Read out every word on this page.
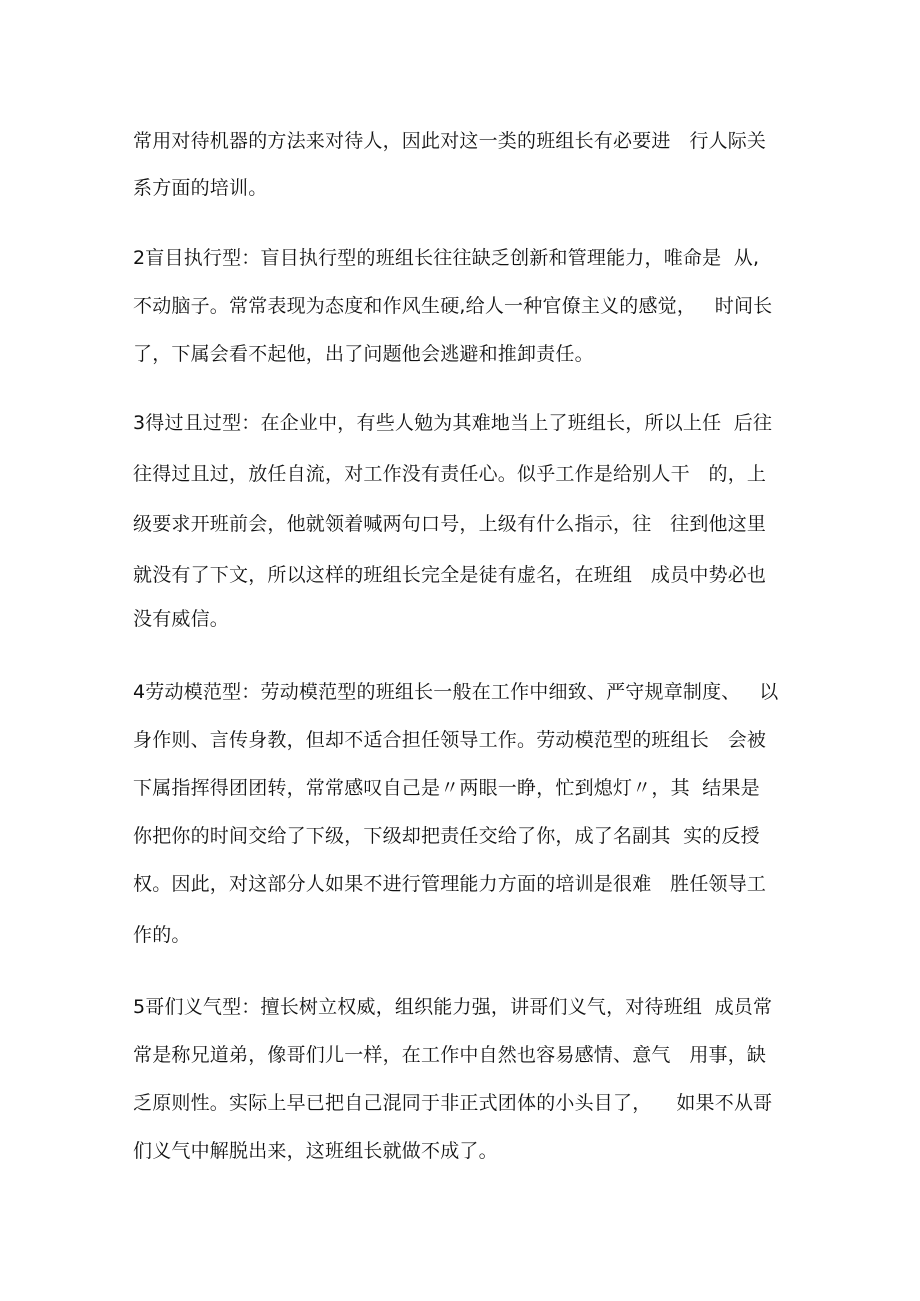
常用对待机器的方法来对待人，因此对这一类的班组长有必要进   行人际关
系方面的培训。
2盲目执行型：盲目执行型的班组长往往缺乏创新和管理能力，唯命是  从,
不动脑子。常常表现为态度和作风生硬,给人一种官僚主义的感觉，   时间长
了，下属会看不起他，出了问题他会逃避和推卸责任。
3得过且过型：在企业中，有些人勉为其难地当上了班组长，所以上任  后往
往得过且过，放任自流，对工作没有责任心。似乎工作是给别人干   的，上
级要求开班前会，他就领着喊两句口号，上级有什么指示，往   往到他这里
就没有了下文，所以这样的班组长完全是徒有虚名，在班组   成员中势必也
没有威信。
4劳动模范型：劳动模范型的班组长一般在工作中细致、严守规章制度、   以
身作则、言传身教，但却不适合担任领导工作。劳动模范型的班组长   会被
下属指挥得团团转，常常感叹自己是〃两眼一睁，忙到熄灯〃，其  结果是
你把你的时间交给了下级，下级却把责任交给了你，成了名副其  实的反授
权。因此，对这部分人如果不进行管理能力方面的培训是很难   胜任领导工
作的。
5哥们义气型：擅长树立权威，组织能力强，讲哥们义气，对待班组  成员常
常是称兄道弟，像哥们儿一样，在工作中自然也容易感情、意气   用事，缺
乏原则性。实际上早已把自己混同于非正式团体的小头目了，    如果不从哥
们义气中解脱出来，这班组长就做不成了。
